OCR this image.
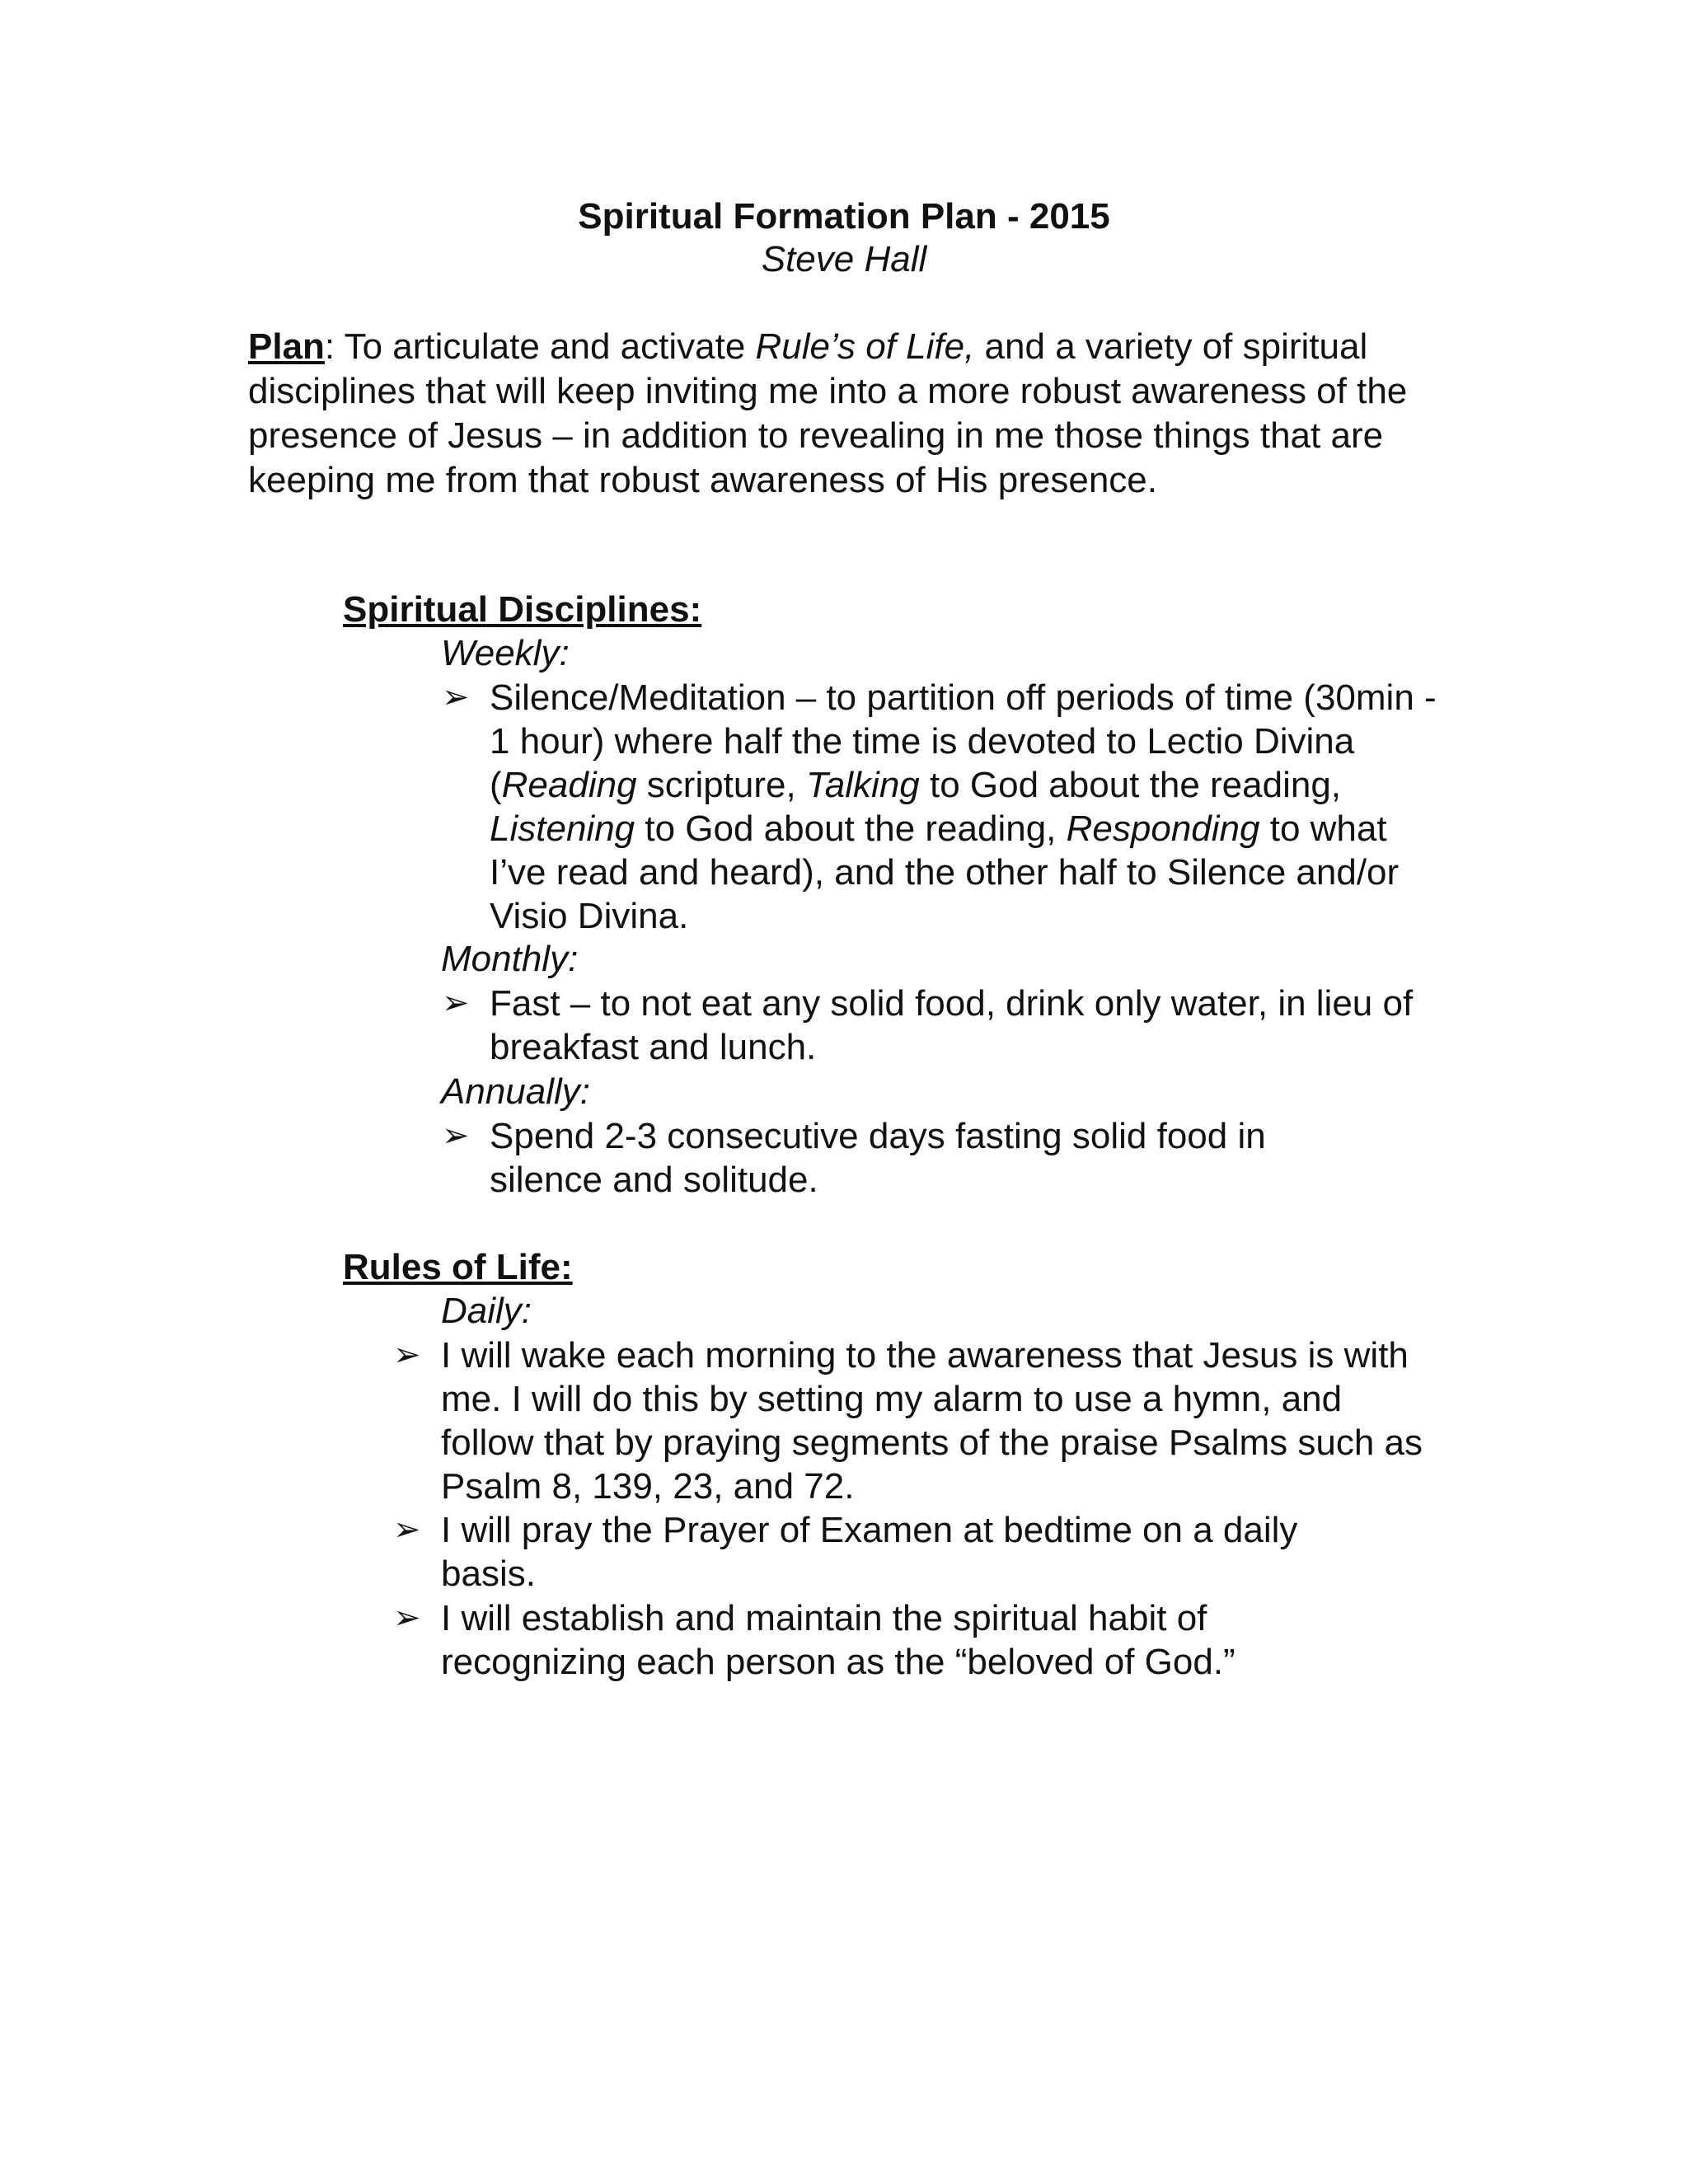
Spiritual Formation Plan - 2015
Steve Hall
Plan: To articulate and activate Rule’s of Life, and a variety of spiritual disciplines that will keep inviting me into a more robust awareness of the presence of Jesus – in addition to revealing in me those things that are keeping me from that robust awareness of His presence.
Spiritual Disciplines:
Weekly:
➢ Silence/Meditation – to partition off periods of time (30min - 1 hour) where half the time is devoted to Lectio Divina (Reading scripture, Talking to God about the reading, Listening to God about the reading, Responding to what I’ve read and heard), and the other half to Silence and/or Visio Divina.
Monthly:
➢ Fast – to not eat any solid food, drink only water, in lieu of breakfast and lunch.
Annually:
➢ Spend 2-3 consecutive days fasting solid food in silence and solitude.
Rules of Life:
Daily:
➢ I will wake each morning to the awareness that Jesus is with me. I will do this by setting my alarm to use a hymn, and follow that by praying segments of the praise Psalms such as Psalm 8, 139, 23, and 72.
➢ I will pray the Prayer of Examen at bedtime on a daily basis.
➢ I will establish and maintain the spiritual habit of recognizing each person as the “beloved of God.”
